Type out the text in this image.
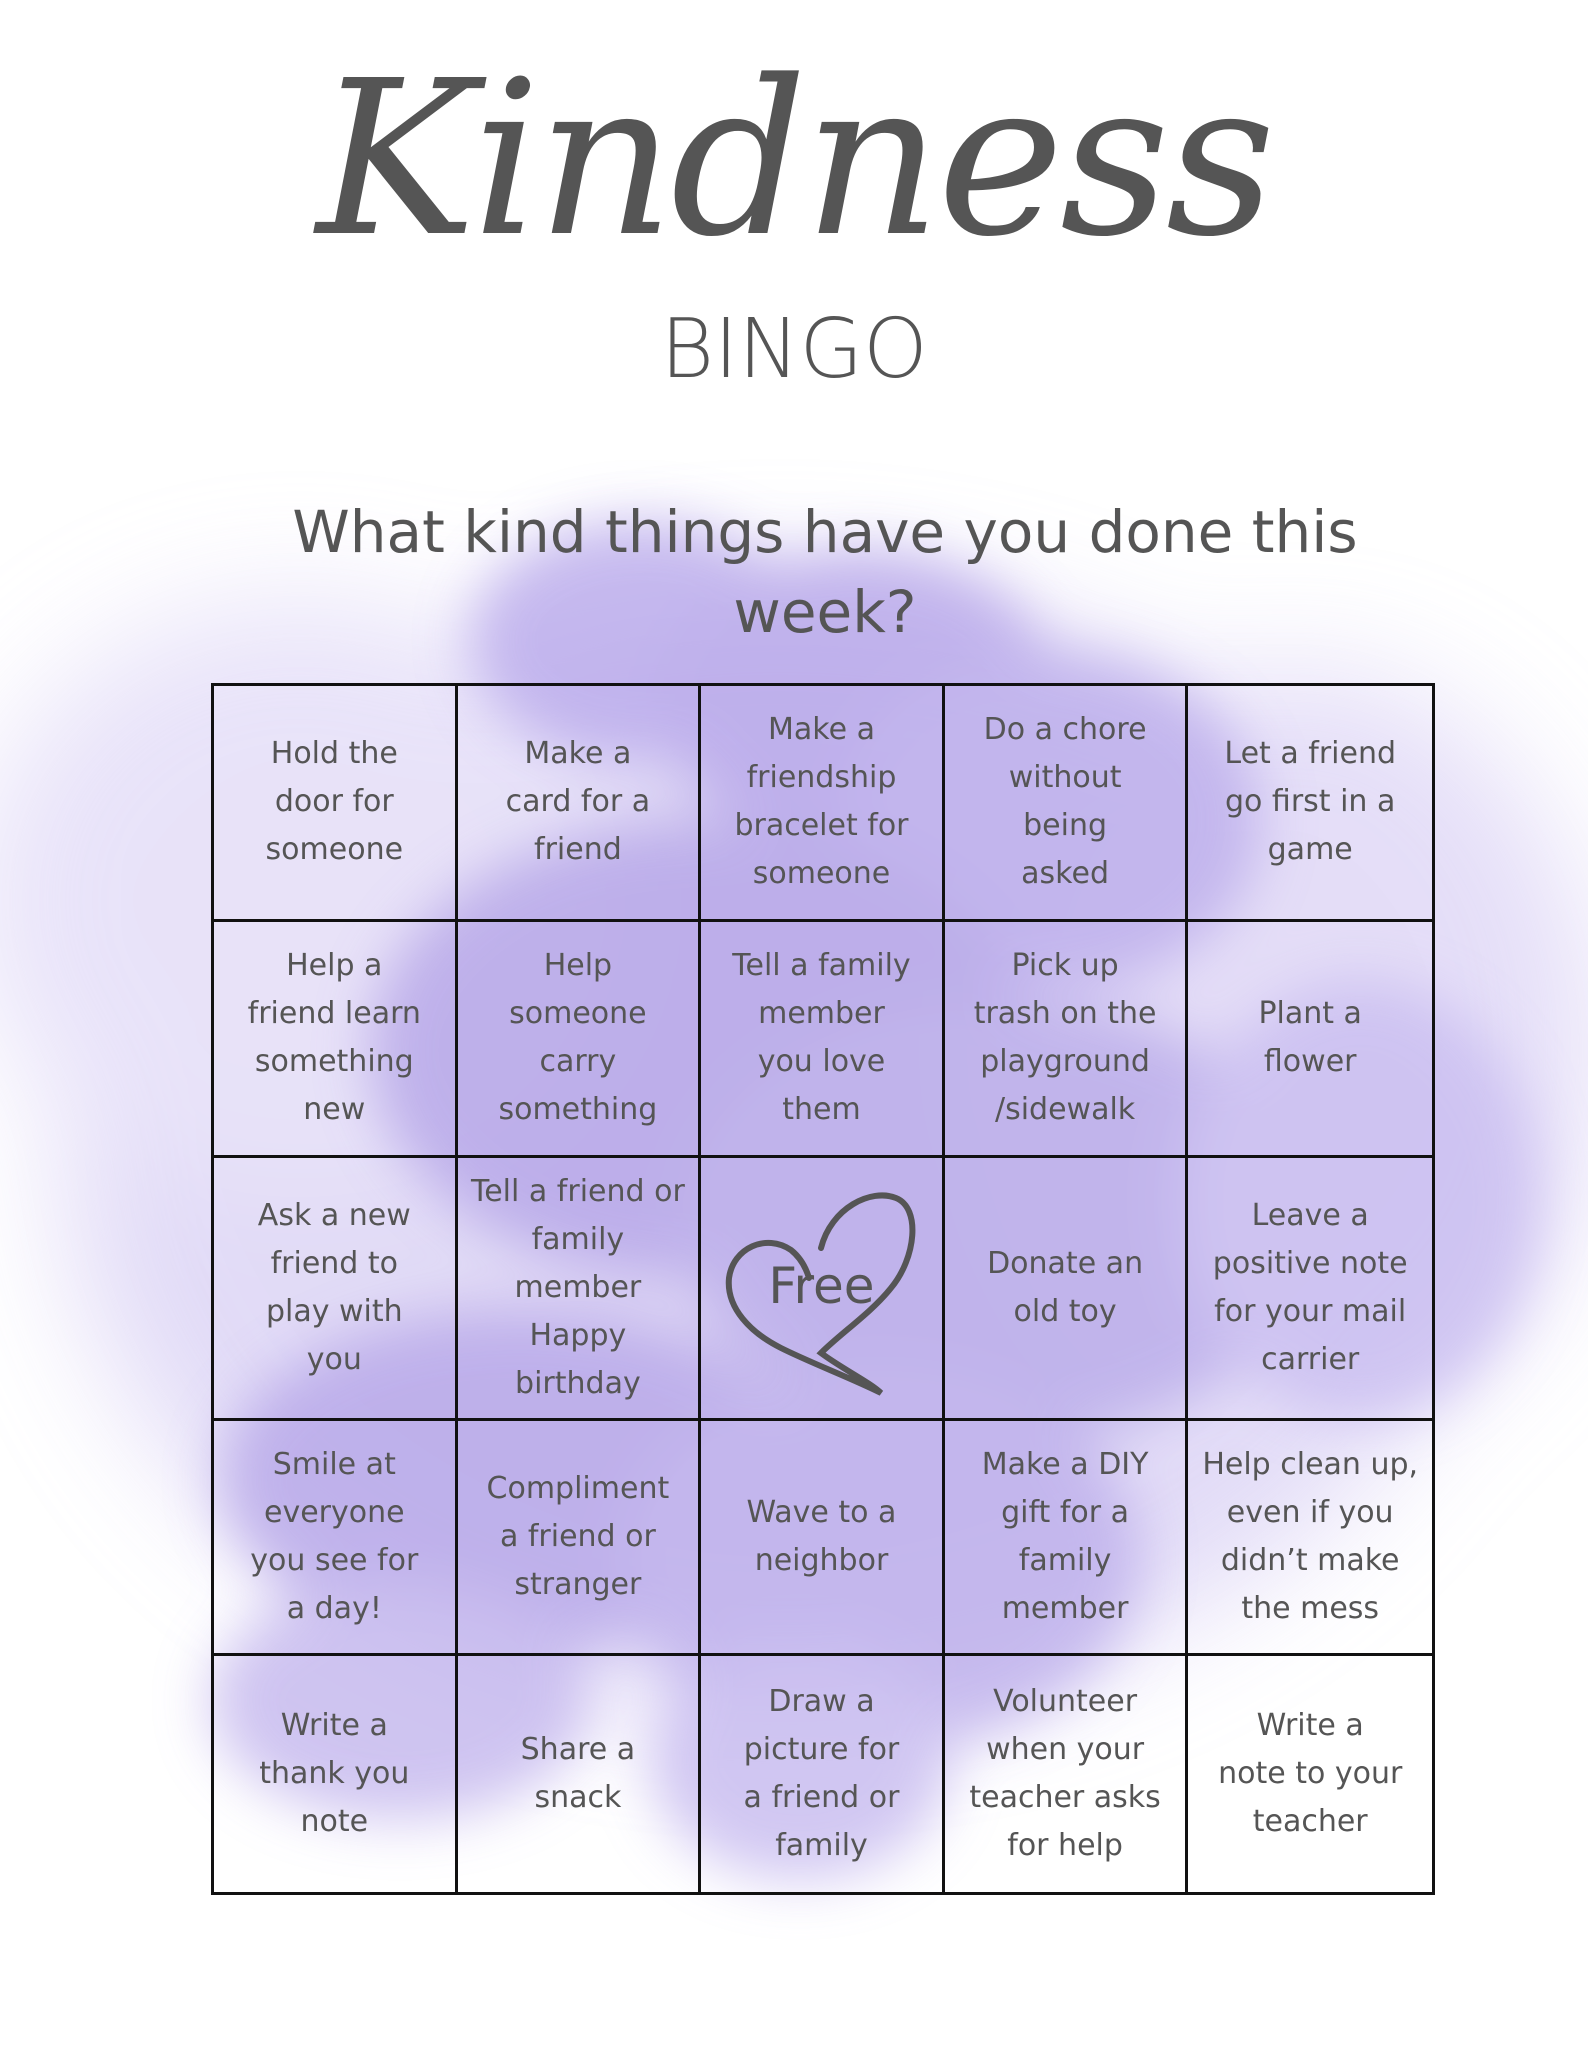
Kindness
BINGO
What kind things have you done this week?
Hold the
door for
someone
Make a
card for a
friend
Make a
friendship
bracelet for
someone
Do a chore
without
being
asked
Let a friend
go first in a
game
Help a
friend learn
something
new
Help
someone
carry
something
Tell a family
member
you love
them
Pick up
trash on the
playground
/sidewalk
Plant a
flower
Ask a new
friend to
play with
you
Tell a friend or
family member
Happy
birthday
Free	Donate an
old toy
Leave a
positive note
for your mail
carrier
Smile at
everyone
you see for
a day!
Compliment
a friend or
stranger
Wave to a
neighbor
Make a DIY
gift for a
family
member
Help clean up,
even if you
didn’t make
the mess
Write a
thank you
note
Share a
snack
Draw a
picture for
a friend or
family
Volunteer
when your
teacher asks
for help
Write a
note to your
teacher
